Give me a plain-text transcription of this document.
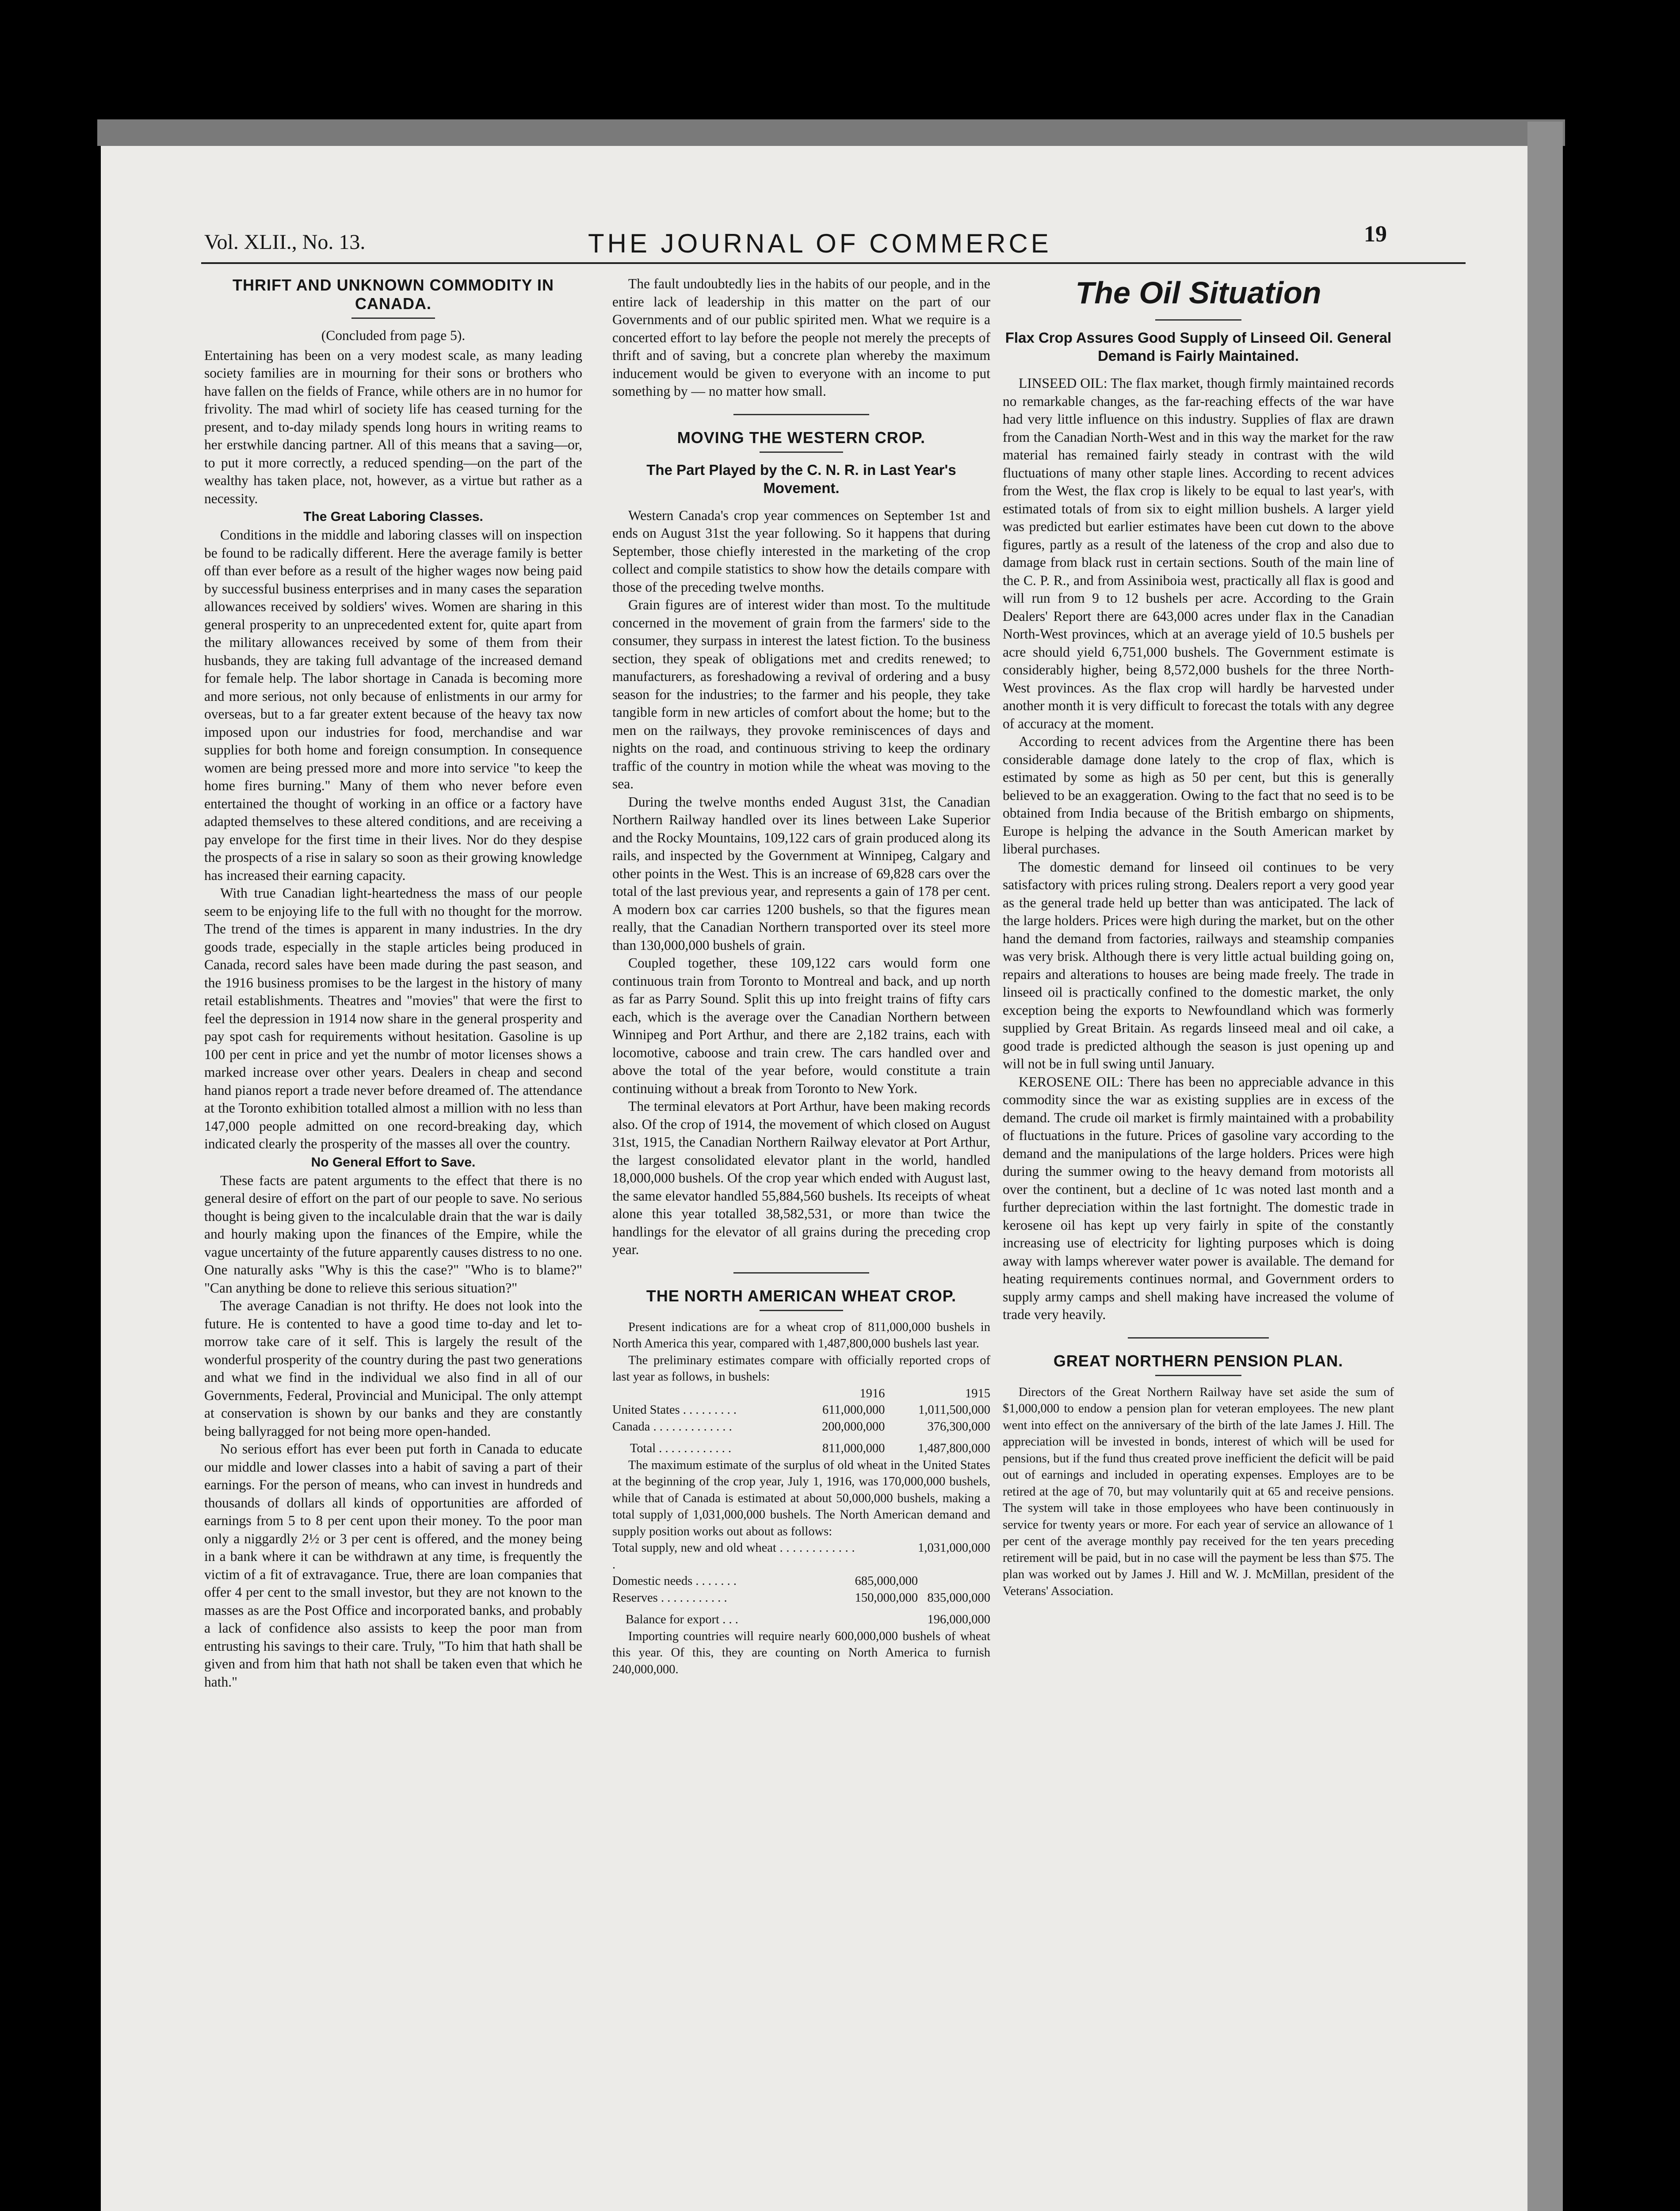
Vol. XLII., No. 13.	THE JOURNAL OF COMMERCE	19
THRIFT AND UNKNOWN COMMODITY IN CANADA.

(Concluded from page 5).

Entertaining has been on a very modest scale, as many leading society families are in mourning for their sons or brothers who have fallen on the fields of France, while others are in no humor for frivolity. The mad whirl of society life has ceased turning for the present, and to-day milady spends long hours in writing reams to her erstwhile dancing partner. All of this means that a saving—or, to put it more correctly, a reduced spending—on the part of the wealthy has taken place, not, however, as a virtue but rather as a necessity.

The Great Laboring Classes.

Conditions in the middle and laboring classes will on inspection be found to be radically different. Here the average family is better off than ever before as a result of the higher wages now being paid by successful business enterprises and in many cases the separation allowances received by soldiers' wives. Women are sharing in this general prosperity to an unprecedented extent for, quite apart from the military allowances received by some of them from their husbands, they are taking full advantage of the increased demand for female help. The labor shortage in Canada is becoming more and more serious, not only because of enlistments in our army for overseas, but to a far greater extent because of the heavy tax now imposed upon our industries for food, merchandise and war supplies for both home and foreign consumption. In consequence women are being pressed more and more into service "to keep the home fires burning." Many of them who never before even entertained the thought of working in an office or a factory have adapted themselves to these altered conditions, and are receiving a pay envelope for the first time in their lives. Nor do they despise the prospects of a rise in salary so soon as their growing knowledge has increased their earning capacity.

With true Canadian light-heartedness the mass of our people seem to be enjoying life to the full with no thought for the morrow. The trend of the times is apparent in many industries. In the dry goods trade, especially in the staple articles being produced in Canada, record sales have been made during the past season, and the 1916 business promises to be the largest in the history of many retail establishments. Theatres and "movies" that were the first to feel the depression in 1914 now share in the general prosperity and pay spot cash for requirements without hesitation. Gasoline is up 100 per cent in price and yet the numbr of motor licenses shows a marked increase over other years. Dealers in cheap and second hand pianos report a trade never before dreamed of. The attendance at the Toronto exhibition totalled almost a million with no less than 147,000 people admitted on one record-breaking day, which indicated clearly the prosperity of the masses all over the country.

No General Effort to Save.

These facts are patent arguments to the effect that there is no general desire of effort on the part of our people to save. No serious thought is being given to the incalculable drain that the war is daily and hourly making upon the finances of the Empire, while the vague uncertainty of the future apparently causes distress to no one. One naturally asks "Why is this the case?" "Who is to blame?" "Can anything be done to relieve this serious situation?"

The average Canadian is not thrifty. He does not look into the future. He is contented to have a good time to-day and let to-morrow take care of it self. This is largely the result of the wonderful prosperity of the country during the past two generations and what we find in the individual we also find in all of our Governments, Federal, Provincial and Municipal. The only attempt at conservation is shown by our banks and they are constantly being ballyragged for not being more open-handed.

No serious effort has ever been put forth in Canada to educate our middle and lower classes into a habit of saving a part of their earnings. For the person of means, who can invest in hundreds and thousands of dollars all kinds of opportunities are afforded of earnings from 5 to 8 per cent upon their money. To the poor man only a niggardly 2½ or 3 per cent is offered, and the money being in a bank where it can be withdrawn at any time, is frequently the victim of a fit of extravagance. True, there are loan companies that offer 4 per cent to the small investor, but they are not known to the masses as are the Post Office and incorporated banks, and probably a lack of confidence also assists to keep the poor man from entrusting his savings to their care. Truly, "To him that hath shall be given and from him that hath not shall be taken even that which he hath."

The fault undoubtedly lies in the habits of our people, and in the entire lack of leadership in this matter on the part of our Governments and of our public spirited men. What we require is a concerted effort to lay before the people not merely the precepts of thrift and of saving, but a concrete plan whereby the maximum inducement would be given to everyone with an income to put something by — no matter how small.

MOVING THE WESTERN CROP.
The Part Played by the C. N. R. in Last Year's Movement.

Western Canada's crop year commences on September 1st and ends on August 31st the year following. So it happens that during September, those chiefly interested in the marketing of the crop collect and compile statistics to show how the details compare with those of the preceding twelve months.

Grain figures are of interest wider than most. To the multitude concerned in the movement of grain from the farmers' side to the consumer, they surpass in interest the latest fiction. To the business section, they speak of obligations met and credits renewed; to manufacturers, as foreshadowing a revival of ordering and a busy season for the industries; to the farmer and his people, they take tangible form in new articles of comfort about the home; but to the men on the railways, they provoke reminiscences of days and nights on the road, and continuous striving to keep the ordinary traffic of the country in motion while the wheat was moving to the sea.

During the twelve months ended August 31st, the Canadian Northern Railway handled over its lines between Lake Superior and the Rocky Mountains, 109,122 cars of grain produced along its rails, and inspected by the Government at Winnipeg, Calgary and other points in the West. This is an increase of 69,828 cars over the total of the last previous year, and represents a gain of 178 per cent. A modern box car carries 1200 bushels, so that the figures mean really, that the Canadian Northern transported over its steel more than 130,000,000 bushels of grain.

Coupled together, these 109,122 cars would form one continuous train from Toronto to Montreal and back, and up north as far as Parry Sound. Split this up into freight trains of fifty cars each, which is the average over the Canadian Northern between Winnipeg and Port Arthur, and there are 2,182 trains, each with locomotive, caboose and train crew. The cars handled over and above the total of the year before, would constitute a train continuing without a break from Toronto to New York.

The terminal elevators at Port Arthur, have been making records also. Of the crop of 1914, the movement of which closed on August 31st, 1915, the Canadian Northern Railway elevator at Port Arthur, the largest consolidated elevator plant in the world, handled 18,000,000 bushels. Of the crop year which ended with August last, the same elevator handled 55,884,560 bushels. Its receipts of wheat alone this year totalled 38,582,531, or more than twice the handlings for the elevator of all grains during the preceding crop year.

THE NORTH AMERICAN WHEAT CROP.

Present indications are for a wheat crop of 811,000,000 bushels in North America this year, compared with 1,487,800,000 bushels last year.

The preliminary estimates compare with officially reported crops of last year as follows, in bushels:

	1916	1915
United States . . . . . . . . .	611,000,000	1,011,500,000
Canada . . . . . . . . . . . . .	200,000,000	376,300,000
Total . . . . . . . . . . . .	811,000,000	1,487,800,000

The maximum estimate of the surplus of old wheat in the United States at the beginning of the crop year, July 1, 1916, was 170,000,000 bushels, while that of Canada is estimated at about 50,000,000 bushels, making a total supply of 1,031,000,000 bushels. The North American demand and supply position works out about as follows:

Total supply, new and old wheat . . . . . . . . . . . . .		1,031,000,000
Domestic needs . . . . . . .	685,000,000	
Reserves . . . . . . . . . . .	150,000,000	835,000,000
Balance for export . . .		196,000,000

Importing countries will require nearly 600,000,000 bushels of wheat this year. Of this, they are counting on North America to furnish 240,000,000.

The Oil Situation
Flax Crop Assures Good Supply of Linseed Oil. General Demand is Fairly Maintained.

LINSEED OIL: The flax market, though firmly maintained records no remarkable changes, as the far-reaching effects of the war have had very little influence on this industry. Supplies of flax are drawn from the Canadian North-West and in this way the market for the raw material has remained fairly steady in contrast with the wild fluctuations of many other staple lines. According to recent advices from the West, the flax crop is likely to be equal to last year's, with estimated totals of from six to eight million bushels. A larger yield was predicted but earlier estimates have been cut down to the above figures, partly as a result of the lateness of the crop and also due to damage from black rust in certain sections. South of the main line of the C. P. R., and from Assiniboia west, practically all flax is good and will run from 9 to 12 bushels per acre. According to the Grain Dealers' Report there are 643,000 acres under flax in the Canadian North-West provinces, which at an average yield of 10.5 bushels per acre should yield 6,751,000 bushels. The Government estimate is considerably higher, being 8,572,000 bushels for the three North-West provinces. As the flax crop will hardly be harvested under another month it is very difficult to forecast the totals with any degree of accuracy at the moment.

According to recent advices from the Argentine there has been considerable damage done lately to the crop of flax, which is estimated by some as high as 50 per cent, but this is generally believed to be an exaggeration. Owing to the fact that no seed is to be obtained from India because of the British embargo on shipments, Europe is helping the advance in the South American market by liberal purchases.

The domestic demand for linseed oil continues to be very satisfactory with prices ruling strong. Dealers report a very good year as the general trade held up better than was anticipated. The lack of the large holders. Prices were high during the market, but on the other hand the demand from factories, railways and steamship companies was very brisk. Although there is very little actual building going on, repairs and alterations to houses are being made freely. The trade in linseed oil is practically confined to the domestic market, the only exception being the exports to Newfoundland which was formerly supplied by Great Britain. As regards linseed meal and oil cake, a good trade is predicted although the season is just opening up and will not be in full swing until January.

KEROSENE OIL: There has been no appreciable advance in this commodity since the war as existing supplies are in excess of the demand. The crude oil market is firmly maintained with a probability of fluctuations in the future. Prices of gasoline vary according to the demand and the manipulations of the large holders. Prices were high during the summer owing to the heavy demand from motorists all over the continent, but a decline of 1c was noted last month and a further depreciation within the last fortnight. The domestic trade in kerosene oil has kept up very fairly in spite of the constantly increasing use of electricity for lighting purposes which is doing away with lamps wherever water power is available. The demand for heating requirements continues normal, and Government orders to supply army camps and shell making have increased the volume of trade very heavily.

GREAT NORTHERN PENSION PLAN.

Directors of the Great Northern Railway have set aside the sum of $1,000,000 to endow a pension plan for veteran employees. The new plant went into effect on the anniversary of the birth of the late James J. Hill. The appreciation will be invested in bonds, interest of which will be used for pensions, but if the fund thus created prove inefficient the deficit will be paid out of earnings and included in operating expenses. Employes are to be retired at the age of 70, but may voluntarily quit at 65 and receive pensions. The system will take in those employees who have been continuously in service for twenty years or more. For each year of service an allowance of 1 per cent of the average monthly pay received for the ten years preceding retirement will be paid, but in no case will the payment be less than $75. The plan was worked out by James J. Hill and W. J. McMillan, president of the Veterans' Association.
